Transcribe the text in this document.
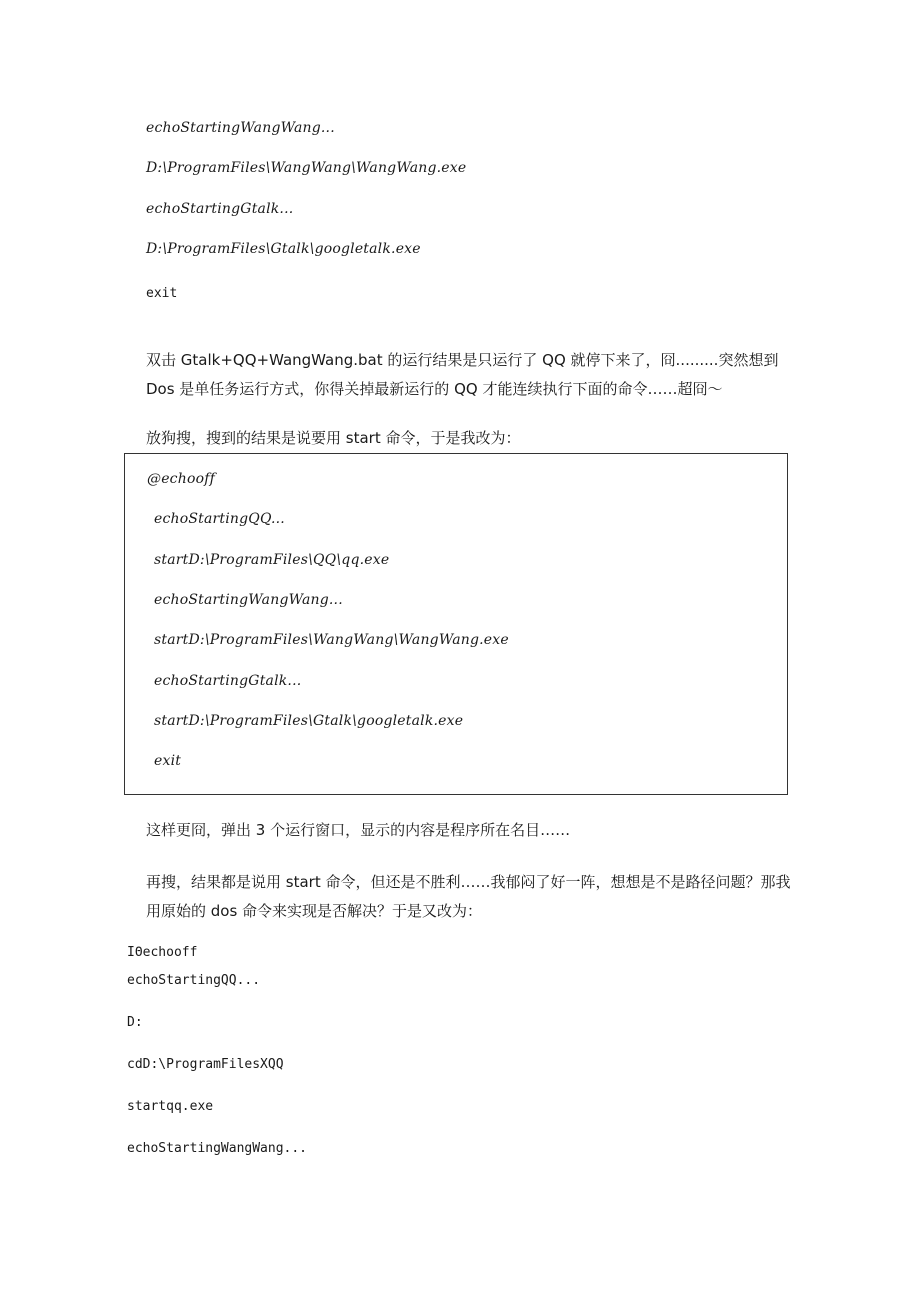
echoStartingWangWang...
D:\ProgramFiles\WangWang\WangWang.exe
echoStartingGtalk...
D:\ProgramFiles\Gtalk\googletalk.exe
exit
双击 Gtalk+QQ+WangWang.bat 的运行结果是只运行了 QQ 就停下来了，冏.........突然想到 Dos 是单任务运行方式，你得关掉最新运行的 QQ 才能连续执行下面的命令……超冏～
放狗搜，搜到的结果是说要用 start 命令，于是我改为：
@echooff
echoStartingQQ...
startD:\ProgramFiles\QQ\qq.exe
echoStartingWangWang...
startD:\ProgramFiles\WangWang\WangWang.exe
echoStartingGtalk...
startD:\ProgramFiles\Gtalk\googletalk.exe
exit
这样更冏，弹出 3 个运行窗口，显示的内容是程序所在名目……
再搜，结果都是说用 start 命令，但还是不胜利……我郁闷了好一阵，想想是不是路径问题？那我用原始的 dos 命令来实现是否解决？于是又改为：
IΘechooff
echoStartingQQ...
D:
cdD:\ProgramFilesXQQ
startqq.exe
echoStartingWangWang...
